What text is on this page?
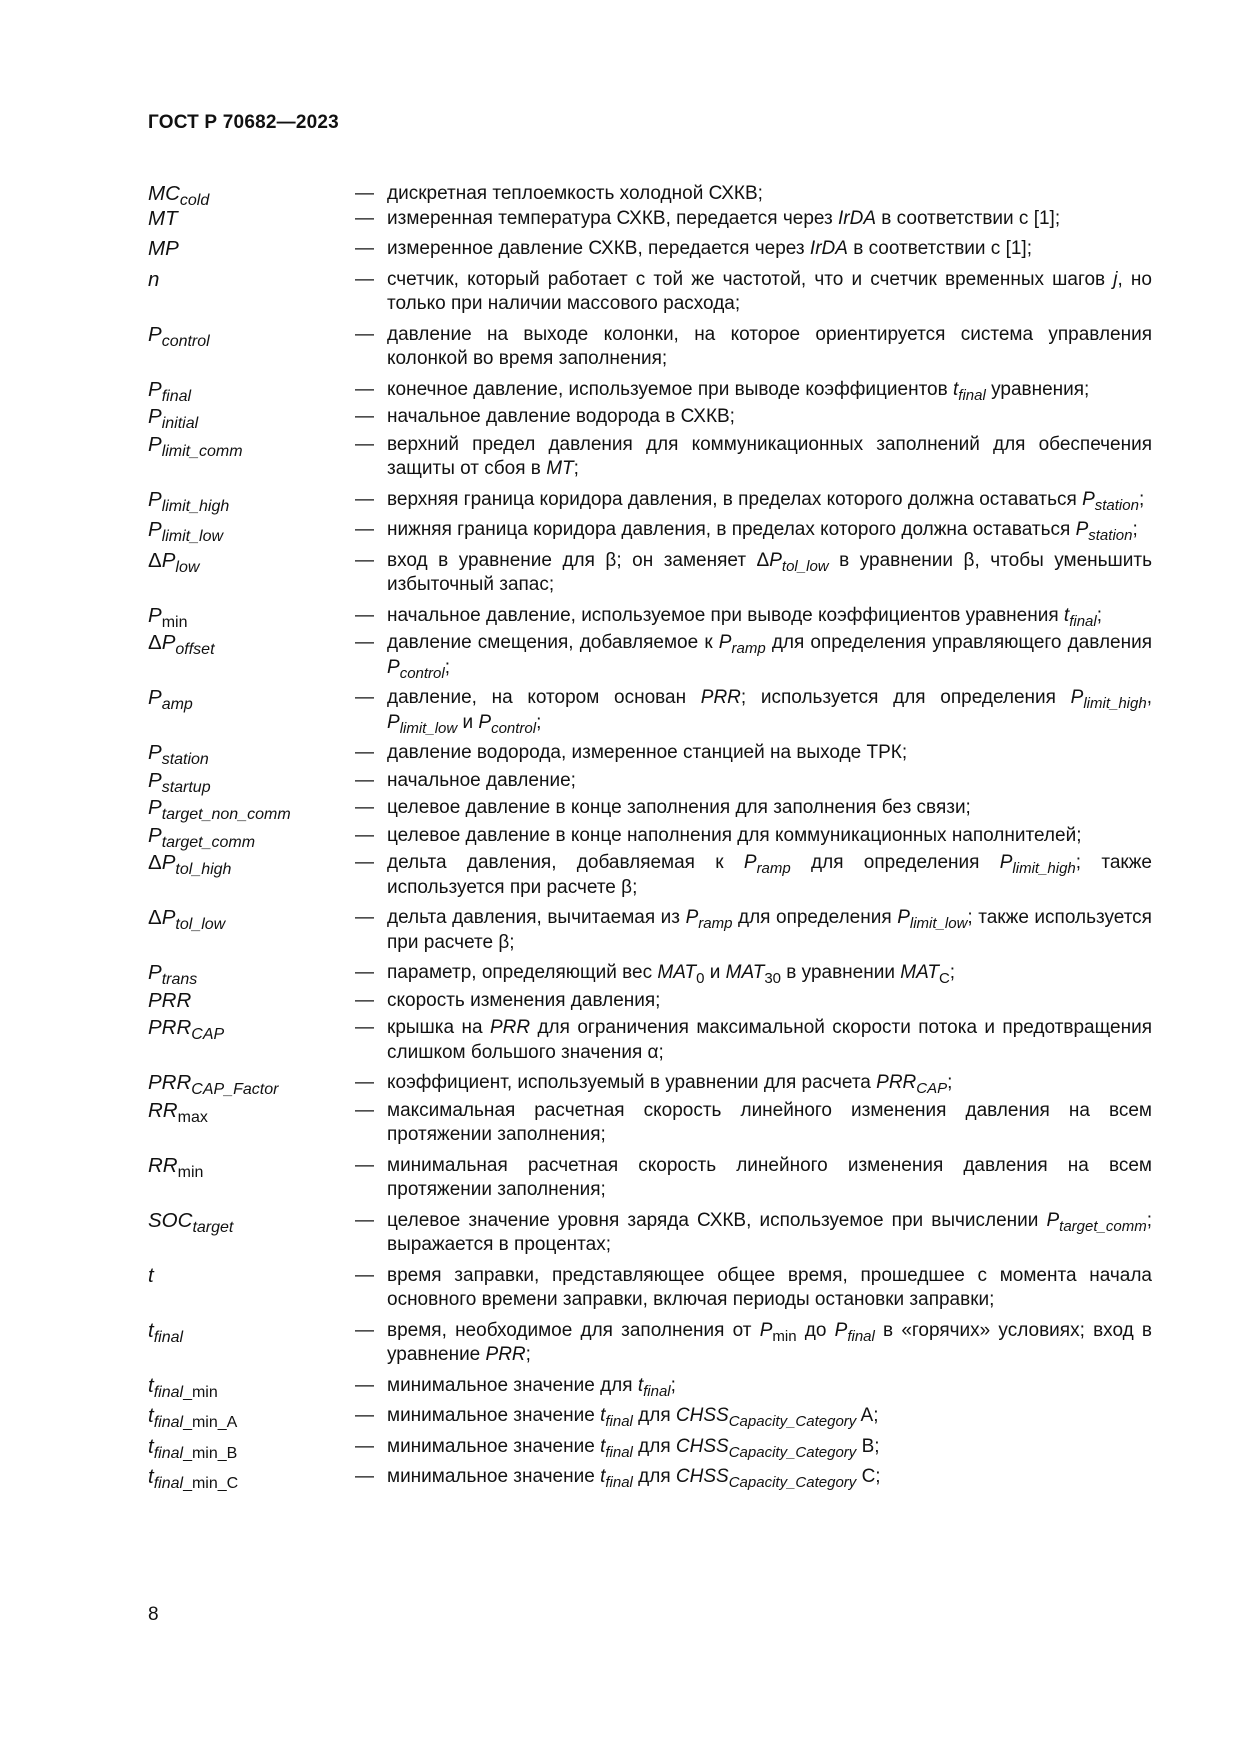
ГОСТ Р 70682—2023
$MC_{cold}$	— дискретная теплоемкость холодной СХКВ;
MT	— измеренная температура СХКВ, передается через IrDA в соответствии с [1];
MP	— измеренное давление СХКВ, передается через IrDA в соответствии с [1];
n	— счетчик, который работает с той же частотой, что и счетчик временных шагов j, но только при наличии массового расхода;
$P_{control}$	— давление на выходе колонки, на которое ориентируется система управления колонкой во время заполнения;
$P_{final}$	— конечное давление, используемое при выводе коэффициентов $t_{final}$ уравнения;
$P_{initial}$	— начальное давление водорода в СХКВ;
$P_{limit\_comm}$	— верхний предел давления для коммуникационных заполнений для обеспечения защиты от сбоя в MT;
$P_{limit\_high}$	— верхняя граница коридора давления, в пределах которого должна оставаться $P_{station}$;
$P_{limit\_low}$	— нижняя граница коридора давления, в пределах которого должна оставаться $P_{station}$;
$\Delta P_{low}$	— вход в уравнение для β; он заменяет $\Delta P_{tol\_low}$ в уравнении β, чтобы уменьшить избыточный запас;
$P_{min}$	— начальное давление, используемое при выводе коэффициентов уравнения $t_{final}$;
$\Delta P_{offset}$	— давление смещения, добавляемое к $P_{ramp}$ для определения управляющего давления $P_{control}$;
$P_{amp}$	— давление, на котором основан PRR; используется для определения $P_{limit\_high}$, $P_{limit\_low}$ и $P_{control}$;
$P_{station}$	— давление водорода, измеренное станцией на выходе ТРК;
$P_{startup}$	— начальное давление;
$P_{target\_non\_comm}$	— целевое давление в конце заполнения для заполнения без связи;
$P_{target\_comm}$	— целевое давление в конце наполнения для коммуникационных наполнителей;
$\Delta P_{tol\_high}$	— дельта давления, добавляемая к $P_{ramp}$ для определения $P_{limit\_high}$; также используется при расчете β;
$\Delta P_{tol\_low}$	— дельта давления, вычитаемая из $P_{ramp}$ для определения $P_{limit\_low}$; также используется при расчете β;
$P_{trans}$	— параметр, определяющий вес $MAT_0$ и $MAT_{30}$ в уравнении $MAT_C$;
PRR	— скорость изменения давления;
$PRR_{CAP}$	— крышка на PRR для ограничения максимальной скорости потока и предотвращения слишком большого значения α;
$PRR_{CAP\_Factor}$	— коэффициент, используемый в уравнении для расчета $PRR_{CAP}$;
$RR_{max}$	— максимальная расчетная скорость линейного изменения давления на всем протяжении заполнения;
$RR_{min}$	— минимальная расчетная скорость линейного изменения давления на всем протяжении заполнения;
$SOC_{target}$	— целевое значение уровня заряда СХКВ, используемое при вычислении $P_{target\_comm}$; выражается в процентах;
t	— время заправки, представляющее общее время, прошедшее с момента начала основного времени заправки, включая периоды остановки заправки;
$t_{final}$	— время, необходимое для заполнения от $P_{min}$ до $P_{final}$ в «горячих» условиях; вход в уравнение PRR;
$t_{final\_min}$	— минимальное значение для $t_{final}$;
$t_{final\_min\_A}$	— минимальное значение $t_{final}$ для $CHSS_{Capacity\_Category}$ A;
$t_{final\_min\_B}$	— минимальное значение $t_{final}$ для $CHSS_{Capacity\_Category}$ B;
$t_{final\_min\_C}$	— минимальное значение $t_{final}$ для $CHSS_{Capacity\_Category}$ C;
8
